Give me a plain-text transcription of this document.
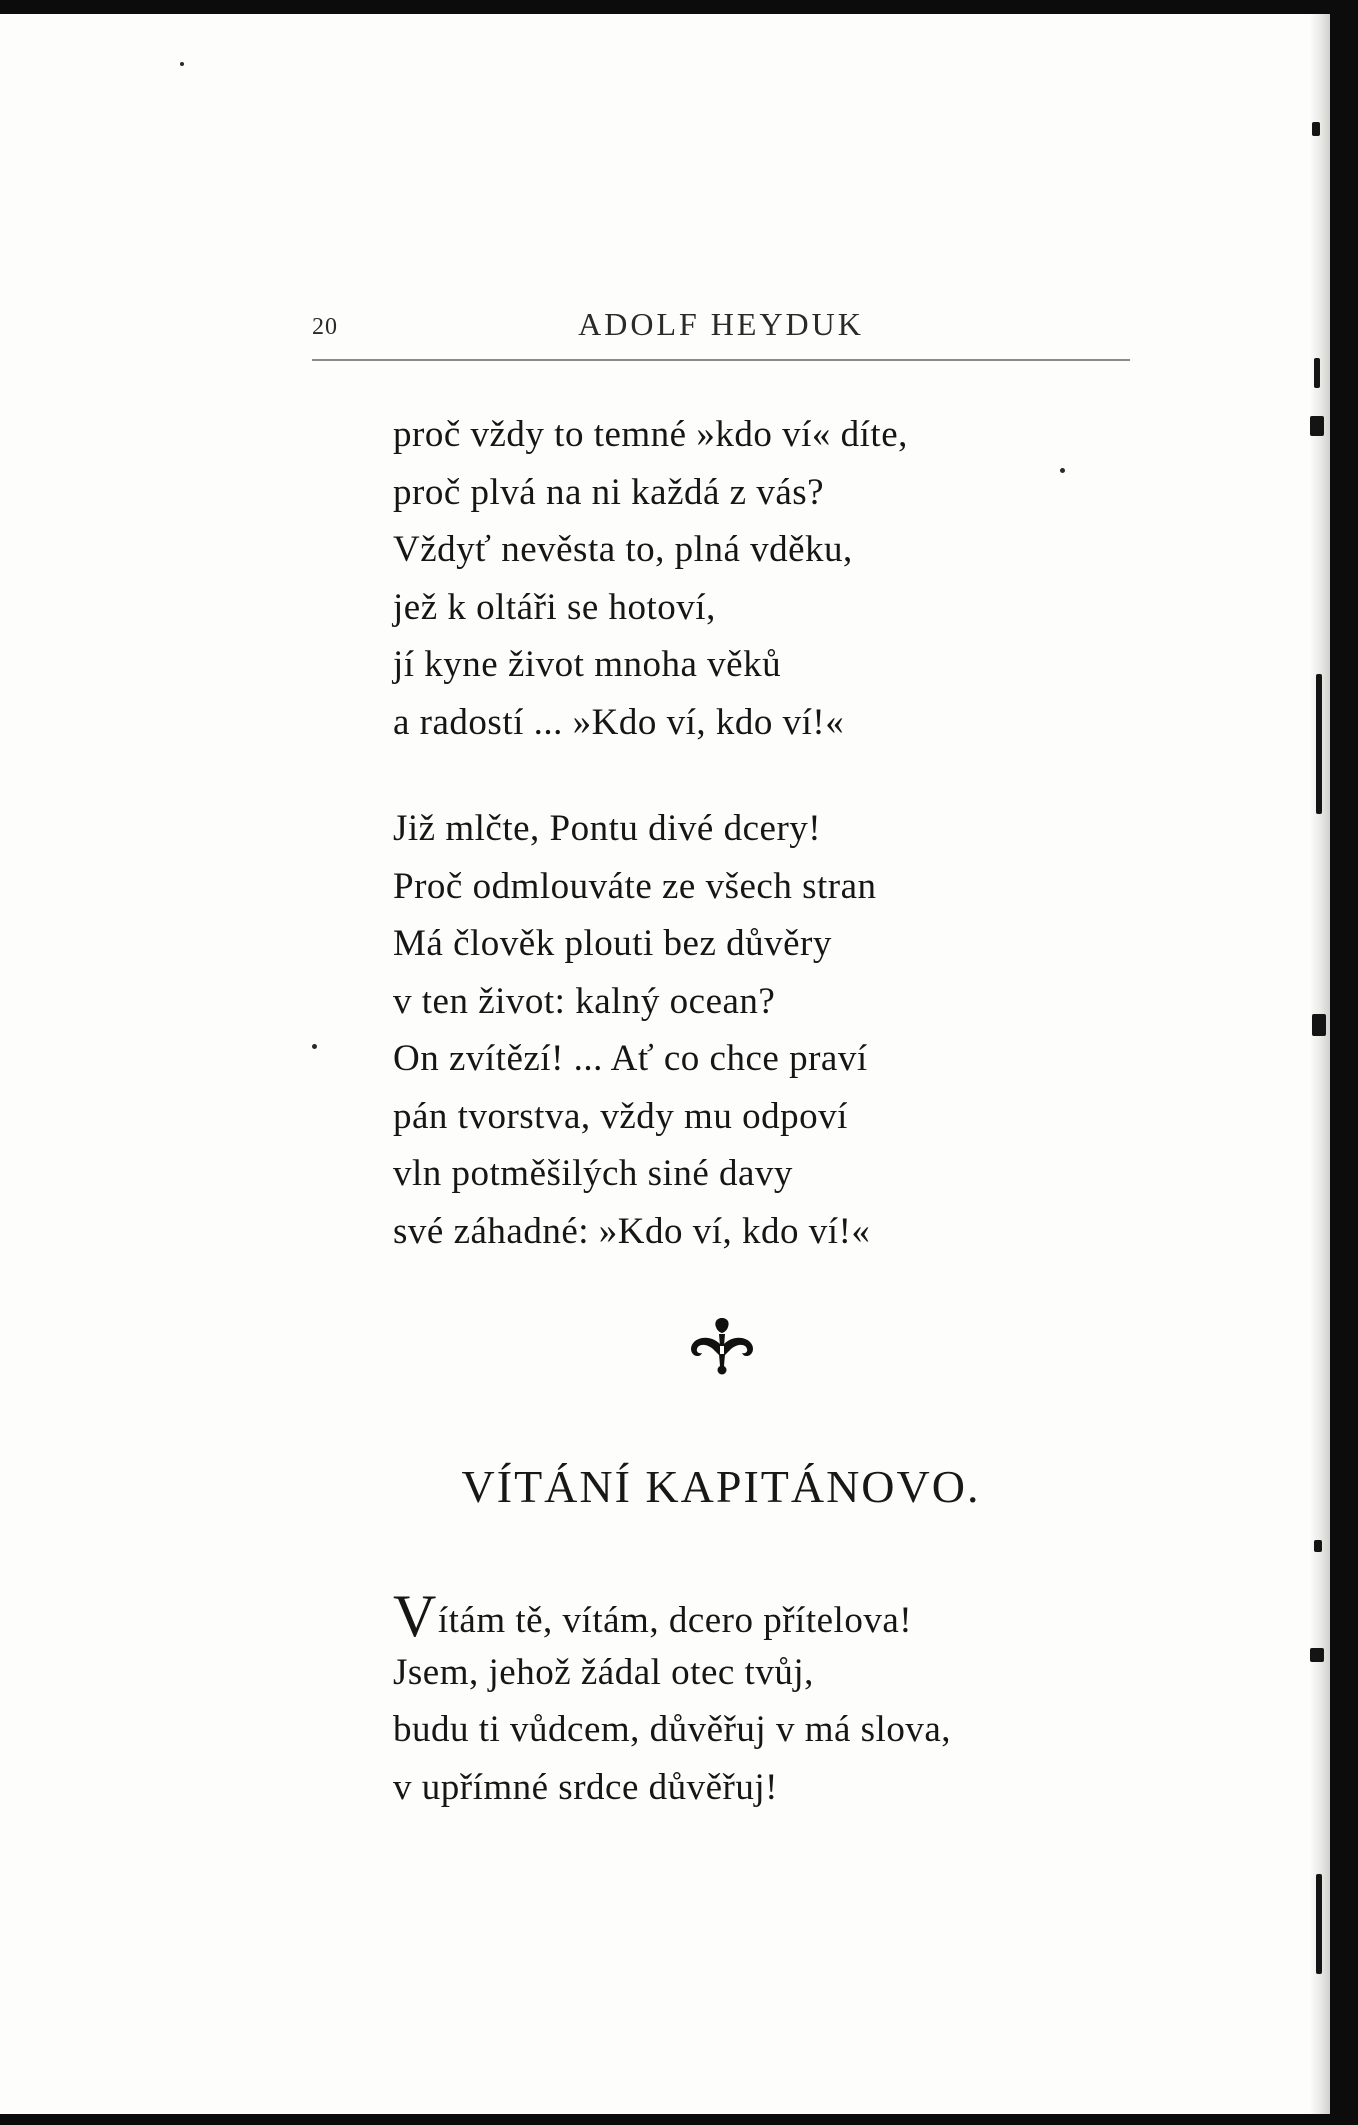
20	ADOLF HEYDUK
proč vždy to temné »kdo ví« díte,
proč plvá na ni každá z vás?
Vždyť nevěsta to, plná vděku,
jež k oltáři se hotoví,
jí kyne život mnoha věků
a radostí ... »Kdo ví, kdo ví!«
Již mlčte, Pontu divé dcery!
Proč odmlouváte ze všech stran
Má člověk plouti bez důvěry
v ten život: kalný ocean?
On zvítězí! ... Ať co chce praví
pán tvorstva, vždy mu odpoví
vln potměšilých siné davy
své záhadné: »Kdo ví, kdo ví!«
VÍTÁNÍ KAPITÁNOVO.
Vítám tě, vítám, dcero přítelova!
Jsem, jehož žádal otec tvůj,
budu ti vůdcem, důvěřuj v má slova,
v upřímné srdce důvěřuj!
